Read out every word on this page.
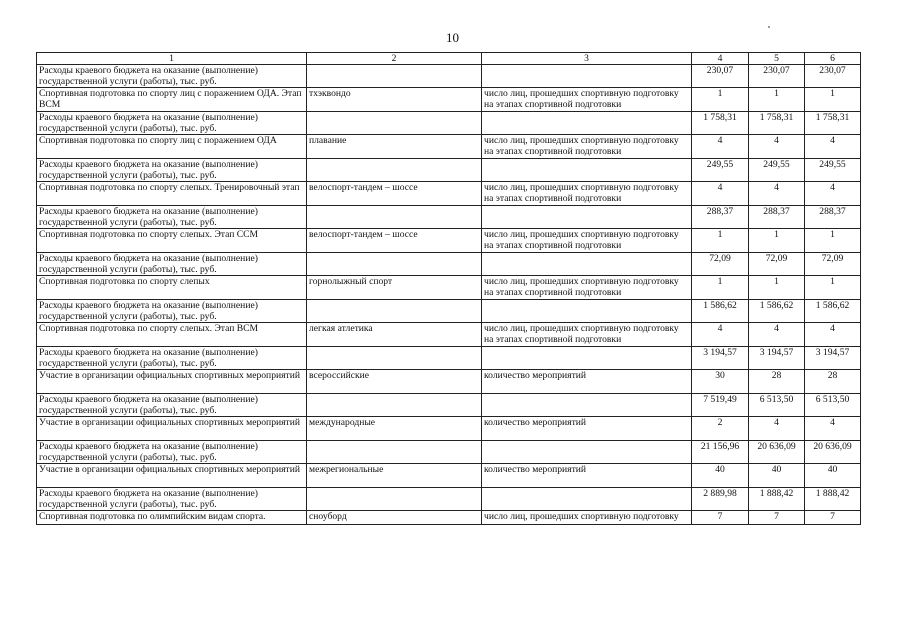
10
1	2	3	4	5	6
Расходы краевого бюджета на оказание (выполнение) государственной услуги (работы), тыс. руб.			230,07	230,07	230,07
Спортивная подготовка по спорту лиц с поражением ОДА. Этап ВСМ	тхэквондо	число лиц, прошедших спортивную подготовку на этапах спортивной подготовки	1	1	1
Расходы краевого бюджета на оказание (выполнение) государственной услуги (работы), тыс. руб.			1 758,31	1 758,31	1 758,31
Спортивная подготовка по спорту лиц с поражением ОДА	плавание	число лиц, прошедших спортивную подготовку на этапах спортивной подготовки	4	4	4
Расходы краевого бюджета на оказание (выполнение) государственной услуги (работы), тыс. руб.			249,55	249,55	249,55
Спортивная подготовка по спорту слепых. Тренировочный этап	велоспорт-тандем – шоссе	число лиц, прошедших спортивную подготовку на этапах спортивной подготовки	4	4	4
Расходы краевого бюджета на оказание (выполнение) государственной услуги (работы), тыс. руб.			288,37	288,37	288,37
Спортивная подготовка по спорту слепых. Этап ССМ	велоспорт-тандем – шоссе	число лиц, прошедших спортивную подготовку на этапах спортивной подготовки	1	1	1
Расходы краевого бюджета на оказание (выполнение) государственной услуги (работы), тыс. руб.			72,09	72,09	72,09
Спортивная подготовка по спорту слепых	горнолыжный спорт	число лиц, прошедших спортивную подготовку на этапах спортивной подготовки	1	1	1
Расходы краевого бюджета на оказание (выполнение) государственной услуги (работы), тыс. руб.			1 586,62	1 586,62	1 586,62
Спортивная подготовка по спорту слепых. Этап ВСМ	легкая атлетика	число лиц, прошедших спортивную подготовку на этапах спортивной подготовки	4	4	4
Расходы краевого бюджета на оказание (выполнение) государственной услуги (работы), тыс. руб.			3 194,57	3 194,57	3 194,57
Участие в организации официальных спортивных мероприятий	всероссийские	количество мероприятий	30	28	28
Расходы краевого бюджета на оказание (выполнение) государственной услуги (работы), тыс. руб.			7 519,49	6 513,50	6 513,50
Участие в организации официальных спортивных мероприятий	международные	количество мероприятий	2	4	4
Расходы краевого бюджета на оказание (выполнение) государственной услуги (работы), тыс. руб.			21 156,96	20 636,09	20 636,09
Участие в организации официальных спортивных мероприятий	межрегиональные	количество мероприятий	40	40	40
Расходы краевого бюджета на оказание (выполнение) государственной услуги (работы), тыс. руб.			2 889,98	1 888,42	1 888,42
Спортивная подготовка по олимпийским видам спорта.	сноуборд	число лиц, прошедших спортивную подготовку	7	7	7
